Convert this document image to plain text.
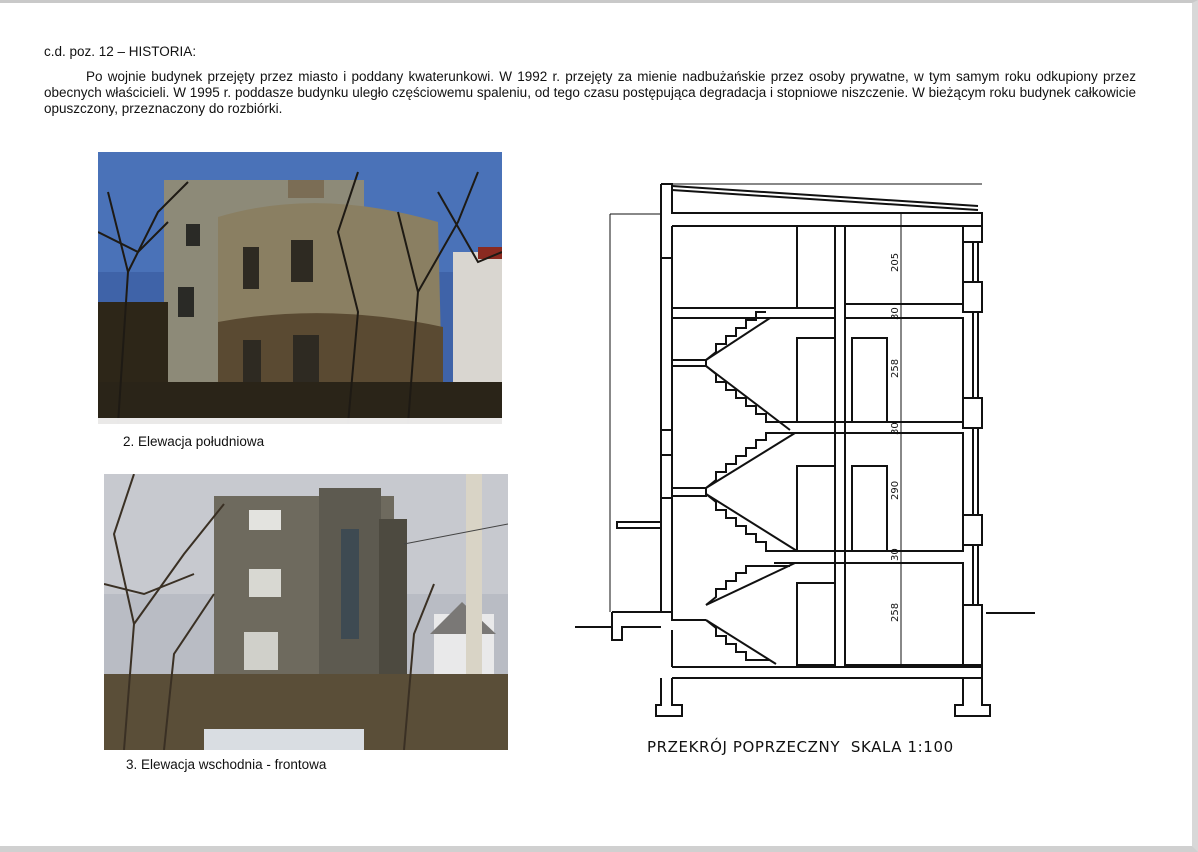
c.d. poz. 12 – HISTORIA:
Po wojnie budynek przejęty przez miasto i poddany kwaterunkowi. W 1992 r. przejęty za mienie nadbużańskie przez osoby prywatne, w tym samym roku odkupiony przez obecnych właścicieli. W 1995 r. poddasze budynku uległo częściowemu spaleniu, od tego czasu postępująca degradacja i stopniowe niszczenie. W bieżącym roku budynek całkowicie opuszczony, przeznaczony do rozbiórki.
2. Elewacja południowa
3. Elewacja wschodnia - frontowa
205
30
258
30
290
30
258
PRZEKRÓJ POPRZECZNY  SKALA 1:100
